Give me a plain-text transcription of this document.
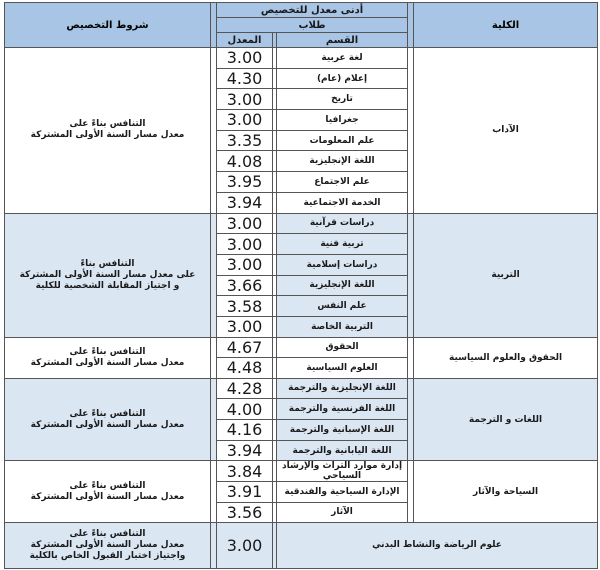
شروط التخصيص		أدنى معدل للتخصيص				الكلية
		طلاب				
		المعدل		القسم		

التنافس بناءً على
معدل مسار السنة الأولى المشتركة		3.00		لغة عربية		الآداب
		4.30		إعلام (عام)		
		3.00		تاريخ		
		3.00		جغرافيا		
		3.35		علم المعلومات		
		4.08		اللغة الإنجليزية		
		3.95		علم الاجتماع		
		3.94		الخدمة الاجتماعية		

التنافس بناءً
على معدل مسار السنة الأولى المشتركة
و اجتياز المقابلة الشخصية للكلية		3.00		دراسات قرآنية		التربية
		3.00		تربية فنية		
		3.00		دراسات إسلامية		
		3.66		اللغة الإنجليزية		
		3.58		علم النفس		
		3.00		التربية الخاصة		

التنافس بناءً على
معدل مسار السنة الأولى المشتركة		4.67		الحقوق		الحقوق والعلوم السياسية
		4.48		العلوم السياسية		

التنافس بناءً على
معدل مسار السنة الأولى المشتركة		4.28		اللغة الإنجليزية والترجمة		اللغات و الترجمة
		4.00		اللغة الفرنسية والترجمة		
		4.16		اللغة الإسبانية والترجمة		
		3.94		اللغة اليابانية والترجمة		

التنافس بناءً على
معدل مسار السنة الأولى المشتركة		3.84		إدارة موارد التراث والإرشاد السياحي		السياحة والآثار
		3.91		الإدارة السياحية والفندقية		
		3.56		الآثار		

التنافس بناءً على
معدل مسار السنة الأولى المشتركة
واجتياز اختبار القبول الخاص بالكلية		3.00		علوم الرياضة والنشاط البدني		
